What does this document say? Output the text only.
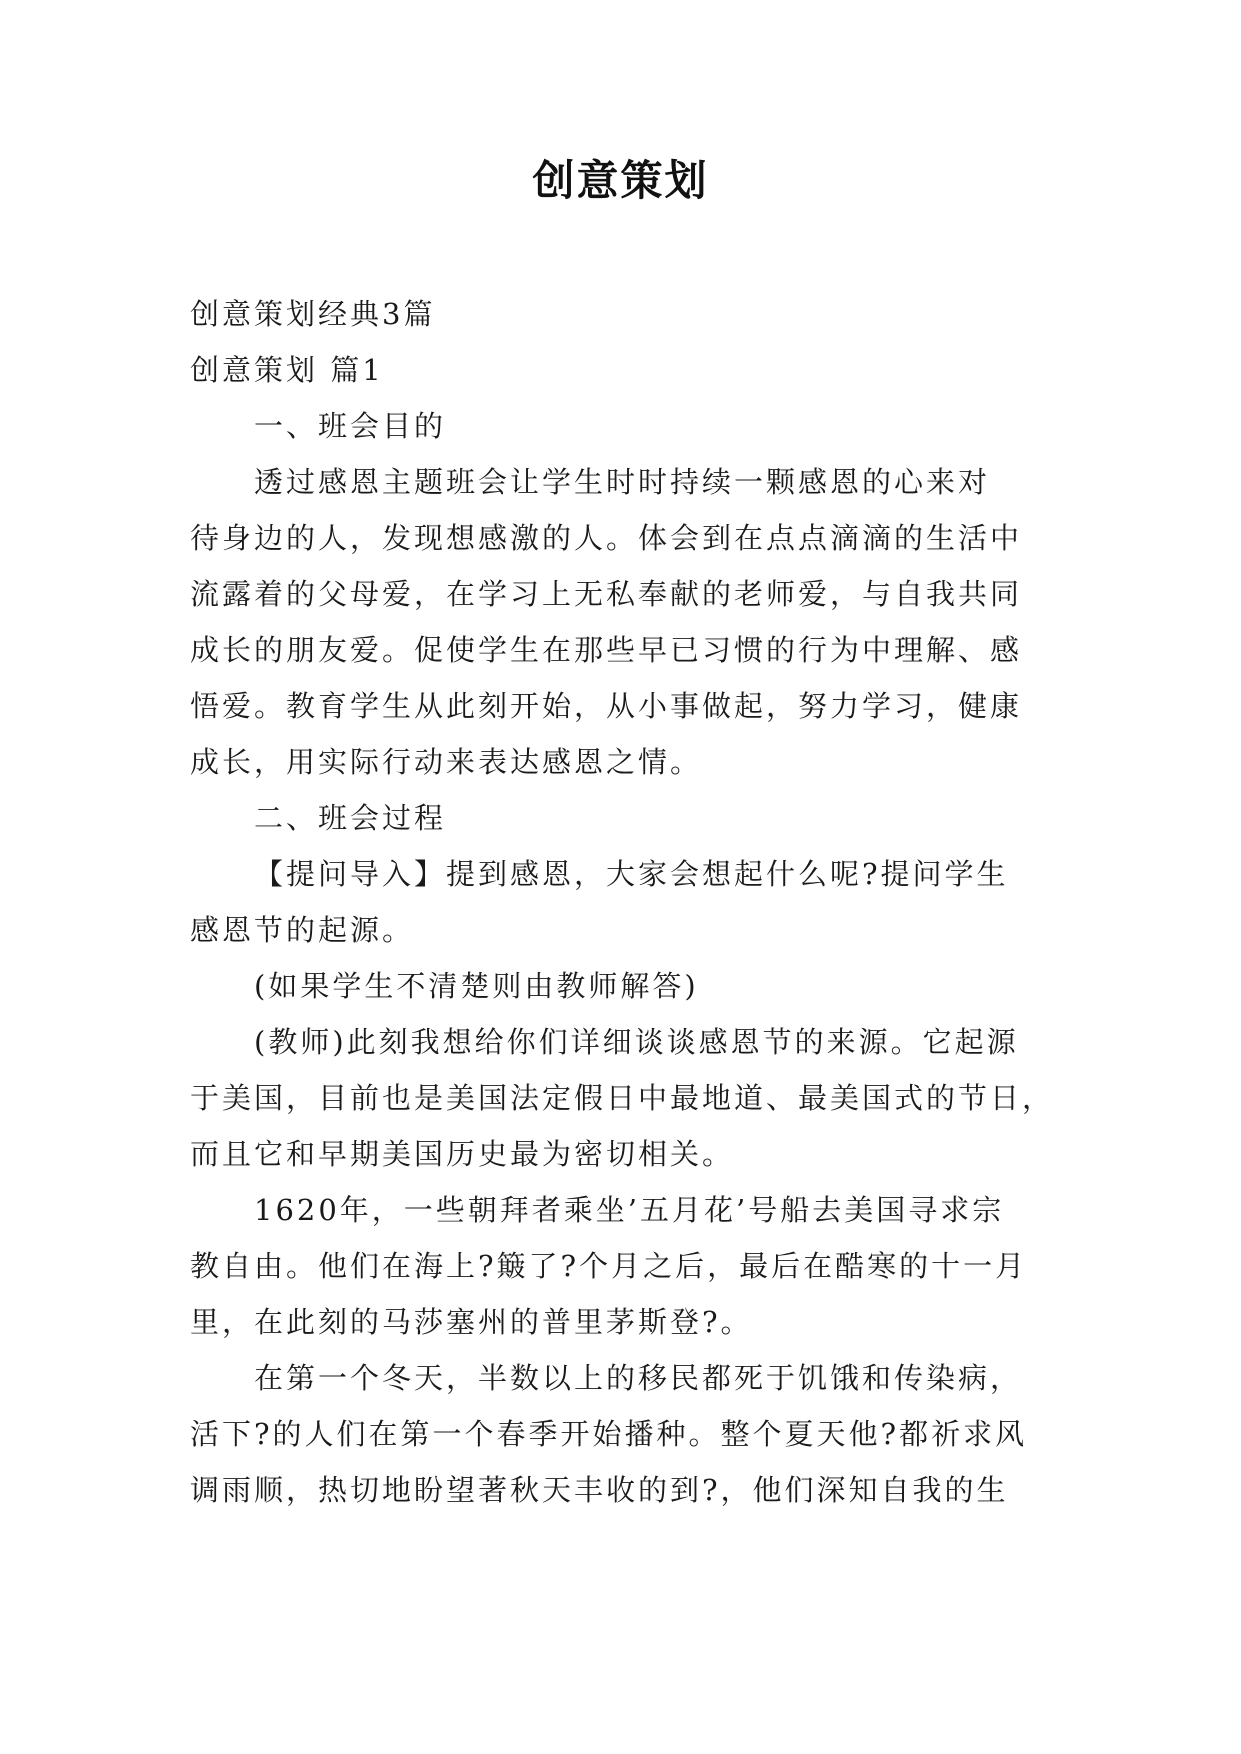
创意策划
创意策划经典3篇
创意策划 篇1
一、班会目的
透过感恩主题班会让学生时时持续一颗感恩的心来对
待身边的人，发现想感激的人。体会到在点点滴滴的生活中
流露着的父母爱，在学习上无私奉献的老师爱，与自我共同
成长的朋友爱。促使学生在那些早已习惯的行为中理解、感
悟爱。教育学生从此刻开始，从小事做起，努力学习，健康
成长，用实际行动来表达感恩之情。
二、班会过程
【提问导入】提到感恩，大家会想起什么呢?提问学生
感恩节的起源。
(如果学生不清楚则由教师解答)
(教师)此刻我想给你们详细谈谈感恩节的来源。它起源
于美国，目前也是美国法定假日中最地道、最美国式的节日，
而且它和早期美国历史最为密切相关。
1620年，一些朝拜者乘坐’五月花’号船去美国寻求宗
教自由。他们在海上?簸了?个月之后，最后在酷寒的十一月
里，在此刻的马莎塞州的普里茅斯登?。
在第一个冬天，半数以上的移民都死于饥饿和传染病，
活下?的人们在第一个春季开始播种。整个夏天他?都祈求风
调雨顺，热切地盼望著秋天丰收的到?，他们深知自我的生
